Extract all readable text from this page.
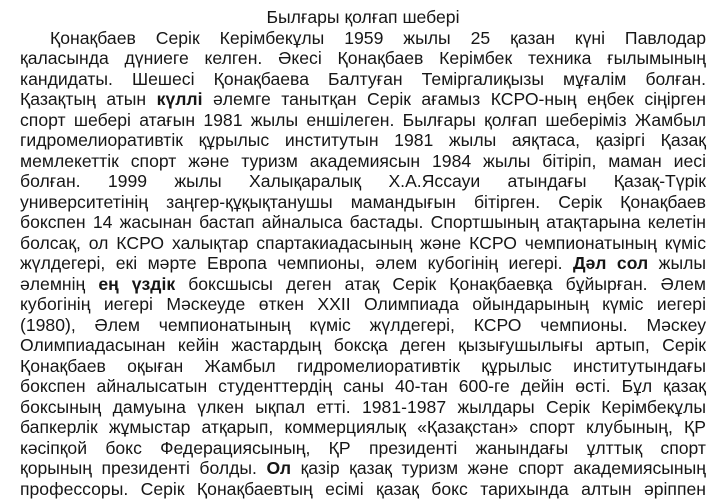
Былғары қолғап шебері
Қонақбаев Серік Керімбекұлы 1959 жылы 25 қазан күні Павлодар
қаласында дүниеге келген. Әкесі Қонақбаев Керімбек техника ғылымының
кандидаты. Шешесі Қонақбаева Балтуған Теміргалиқызы мұғалім болған.
Қазақтың атын күллі әлемге танытқан Серік ағамыз КСРО-ның еңбек сіңірген
спорт шебері атағын 1981 жылы еншілеген. Былғары қолғап шеберіміз Жамбыл
гидромелиоративтік құрылыс институтын 1981 жылы аяқтаса, қазіргі Қазақ
мемлекеттік спорт және туризм академиясын 1984 жылы бітіріп, маман иесі
болған. 1999 жылы Халықаралық Х.А.Яссауи атындағы Қазақ-Түрік
университетінің заңгер-құқықтанушы мамандығын бітірген. Серік Қонақбаев
бокспен 14 жасынан бастап айналыса бастады. Спортшының атақтарына келетін
болсақ, ол КСРО халықтар спартакиадасының және КСРО чемпионатының күміс
жүлдегері, екі мәрте Европа чемпионы, әлем кубогінің иегері. Дәл сол жылы
әлемнің ең үздік боксшысы деген атақ Серік Қонақбаевқа бұйырған. Әлем
кубогінің иегері Мәскеуде өткен XXII Олимпиада ойындарының күміс иегері
(1980), Әлем чемпионатының күміс жүлдегері, КСРО чемпионы. Мәскеу
Олимпиадасынан кейін жастардың боксқа деген қызығушылығы артып, Серік
Қонақбаев оқыған Жамбыл гидромелиоративтік құрылыс институтындағы
бокспен айналысатын студенттердің саны 40-тан 600-ге дейін өсті. Бұл қазақ
боксының дамуына үлкен ықпал етті. 1981-1987 жылдары Серік Керімбекұлы
бапкерлік жұмыстар атқарып, коммерциялық «Қазақстан» спорт клубының, ҚР
кәсіпқой бокс Федерациясының, ҚР президенті жанындағы ұлттық спорт
қорының президенті болды. Ол қазір қазақ туризм және спорт академиясының
профессоры. Серік Қонақбаевтың есімі қазақ бокс тарихында алтын әріппен
